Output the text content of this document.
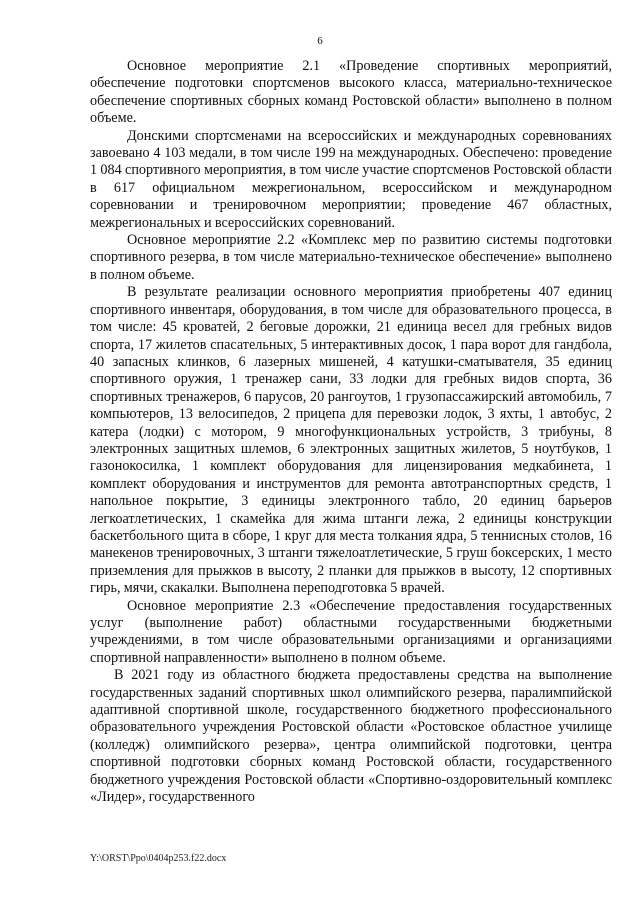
6

Основное мероприятие 2.1 «Проведение спортивных мероприятий, обеспечение подготовки спортсменов высокого класса, материально-техническое обеспечение спортивных сборных команд Ростовской области» выполнено в полном объеме.

Донскими спортсменами на всероссийских и международных соревнованиях завоевано 4 103 медали, в том числе 199 на международных. Обеспечено: проведение 1 084 спортивного мероприятия, в том числе участие спортсменов Ростовской области в 617 официальном межрегиональном, всероссийском и международном соревновании и тренировочном мероприятии; проведение 467 областных, межрегиональных и всероссийских соревнований.

Основное мероприятие 2.2 «Комплекс мер по развитию системы подготовки спортивного резерва, в том числе материально-техническое обеспечение» выполнено в полном объеме.

В результате реализации основного мероприятия приобретены 407 единиц спортивного инвентаря, оборудования, в том числе для образовательного процесса, в том числе: 45 кроватей, 2 беговые дорожки, 21 единица весел для гребных видов спорта, 17 жилетов спасательных, 5 интерактивных досок, 1 пара ворот для гандбола, 40 запасных клинков, 6 лазерных мишеней, 4 катушки-сматывателя, 35 единиц спортивного оружия, 1 тренажер сани, 33 лодки для гребных видов спорта, 36 спортивных тренажеров, 6 парусов, 20 рангоутов, 1 грузопассажирский автомобиль, 7 компьютеров, 13 велосипедов, 2 прицепа для перевозки лодок, 3 яхты, 1 автобус, 2 катера (лодки) с мотором, 9 многофункциональных устройств, 3 трибуны, 8 электронных защитных шлемов, 6 электронных защитных жилетов, 5 ноутбуков, 1 газонокосилка, 1 комплект оборудования для лицензирования медкабинета, 1 комплект оборудования и инструментов для ремонта автотранспортных средств, 1 напольное покрытие, 3 единицы электронного табло, 20 единиц барьеров легкоатлетических, 1 скамейка для жима штанги лежа, 2 единицы конструкции баскетбольного щита в сборе, 1 круг для места толкания ядра, 5 теннисных столов, 16 манекенов тренировочных, 3 штанги тяжелоатлетические, 5 груш боксерских, 1 место приземления для прыжков в высоту, 2 планки для прыжков в высоту, 12 спортивных гирь, мячи, скакалки. Выполнена переподготовка 5 врачей.

Основное мероприятие 2.3 «Обеспечение предоставления государственных услуг (выполнение работ) областными государственными бюджетными учреждениями, в том числе образовательными организациями и организациями спортивной направленности» выполнено в полном объеме.

В 2021 году из областного бюджета предоставлены средства на выполнение государственных заданий спортивных школ олимпийского резерва, паралимпийской адаптивной спортивной школе, государственного бюджетного профессионального образовательного учреждения Ростовской области «Ростовское областное училище (колледж) олимпийского резерва», центра олимпийской подготовки, центра спортивной подготовки сборных команд Ростовской области, государственного бюджетного учреждения Ростовской области «Спортивно-оздоровительный комплекс «Лидер», государственного

Y:\ORST\Ppo\0404p253.f22.docx
